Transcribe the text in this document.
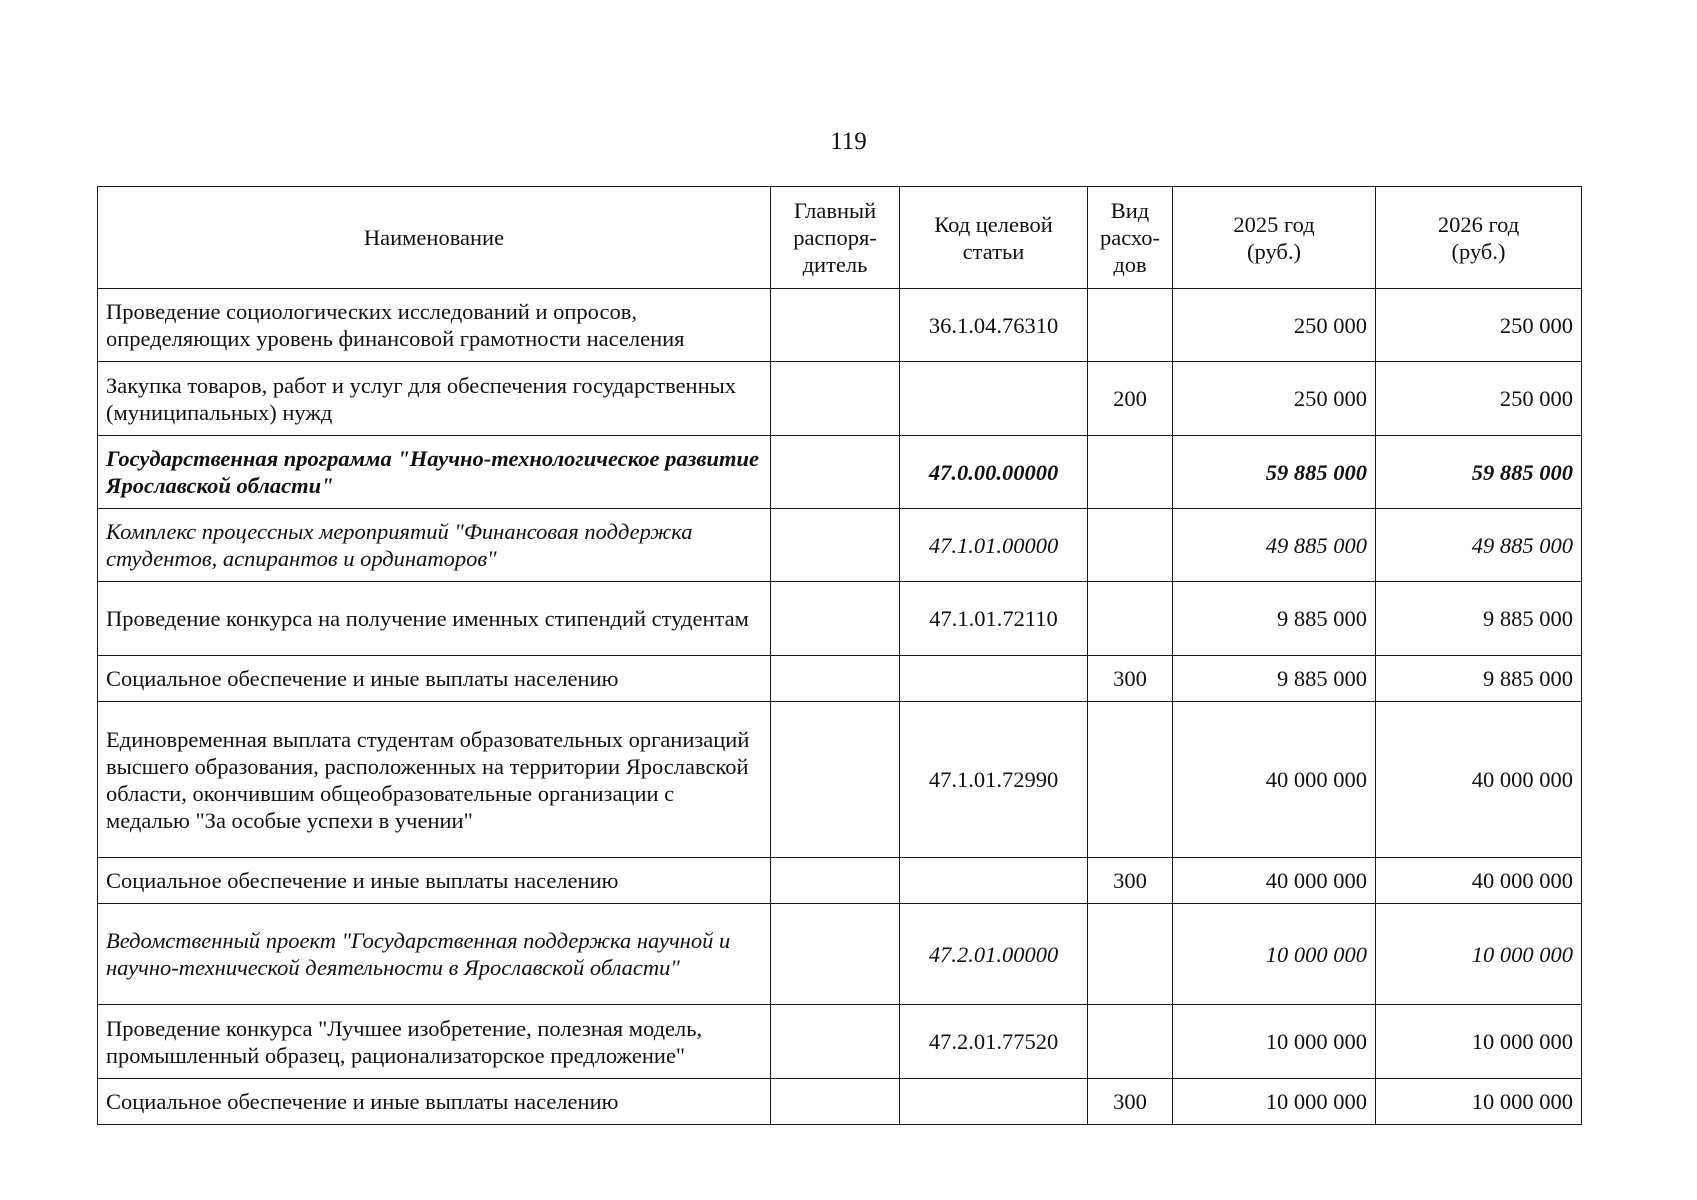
119
Наименование	Главный распоря-дитель	Код целевой статьи	Вид расхо-дов	2025 год (руб.)	2026 год (руб.)
Проведение социологических исследований и опросов, определяющих уровень финансовой грамотности населения		36.1.04.76310		250 000	250 000
Закупка товаров, работ и услуг для обеспечения государственных (муниципальных) нужд			200	250 000	250 000
Государственная программа "Научно-технологическое развитие Ярославской области"		47.0.00.00000		59 885 000	59 885 000
Комплекс процессных мероприятий "Финансовая поддержка студентов, аспирантов и ординаторов"		47.1.01.00000		49 885 000	49 885 000
Проведение конкурса на получение именных стипендий студентам		47.1.01.72110		9 885 000	9 885 000
Социальное обеспечение и иные выплаты населению			300	9 885 000	9 885 000
Единовременная выплата студентам образовательных организаций высшего образования, расположенных на территории Ярославской области, окончившим общеобразовательные организации с медалью "За особые успехи в учении"		47.1.01.72990		40 000 000	40 000 000
Социальное обеспечение и иные выплаты населению			300	40 000 000	40 000 000
Ведомственный проект "Государственная поддержка научной и научно-технической деятельности в Ярославской области"		47.2.01.00000		10 000 000	10 000 000
Проведение конкурса "Лучшее изобретение, полезная модель, промышленный образец, рационализаторское предложение"		47.2.01.77520		10 000 000	10 000 000
Социальное обеспечение и иные выплаты населению			300	10 000 000	10 000 000
